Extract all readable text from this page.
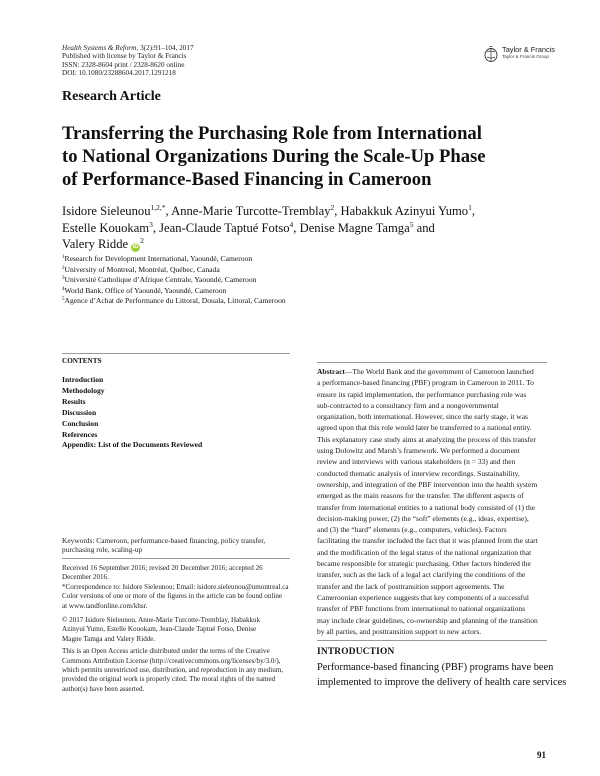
Health Systems & Reform, 3(2):91–104, 2017
Published with license by Taylor & Francis
ISSN: 2328-8604 print / 2328-8620 online
DOI: 10.1080/23288604.2017.1291218
Taylor & Francis
Taylor & Francis Group
Research Article
Transferring the Purchasing Role from International
to National Organizations During the Scale-Up Phase
of Performance-Based Financing in Cameroon
Isidore Sieleunou$^{1,2,*}$, Anne-Marie Turcotte-Tremblay$^2$, Habakkuk Azinyui Yumo$^1$,
Estelle Kouokam$^3$, Jean-Claude Taptué Fotso$^4$, Denise Magne Tamga$^5$ and
Valery Ridde $iD^2$
$^1$Research for Development International, Yaoundé, Cameroon
$^2$University of Montreal, Montréal, Québec, Canada
$^3$Université Catholique d’Afrique Centrale, Yaoundé, Cameroon
$^4$World Bank, Office of Yaoundé, Yaoundé, Cameroon
$^5$Agence d’Achat de Performance du Littoral, Douala, Littoral, Cameroon
CONTENTS
Introduction
Methodology
Results
Discussion
Conclusion
References
Appendix: List of the Documents Reviewed
Abstract—The World Bank and the government of Cameroon launched
a performance-based financing (PBF) program in Cameroon in 2011. To
ensure its rapid implementation, the performance purchasing role was
sub-contracted to a consultancy firm and a nongovernmental
organization, both international. However, since the early stage, it was
agreed upon that this role would later be transferred to a national entity.
This explanatory case study aims at analyzing the process of this transfer
using Dolowitz and Marsh’s framework. We performed a document
review and interviews with various stakeholders (n = 33) and then
conducted thematic analysis of interview recordings. Sustainability,
ownership, and integration of the PBF intervention into the health system
emerged as the main reasons for the transfer. The different aspects of
transfer from international entities to a national body consisted of (1) the
decision-making power, (2) the “soft” elements (e.g., ideas, expertise),
and (3) the “hard” elements (e.g., computers, vehicles). Factors
facilitating the transfer included the fact that it was planned from the start
and the modification of the legal status of the national organization that
became responsible for strategic purchasing. Other factors hindered the
transfer, such as the lack of a legal act clarifying the conditions of the
transfer and the lack of posttransition support agreements. The
Cameroonian experience suggests that key components of a successful
transfer of PBF functions from international to national organizations
may include clear guidelines, co-ownership and planning of the transition
by all parties, and posttransition support to new actors.
Keywords: Cameroon, performance-based financing, policy transfer, purchasing role, scaling-up
Received 16 September 2016; revised 20 December 2016; accepted 26
December 2016.
*Correspondence to: Isidore Sieleunou; Email: isidore.sieleunou@umontreal.ca
Color versions of one or more of the figures in the article can be found online
at www.tandfonline.com/khsr.
© 2017 Isidore Sieleunou, Anne-Marie Turcotte-Tremblay, Habakkuk
Azinyui Yumo, Estelle Kouokam, Jean-Claude Taptué Fotso, Denise
Magne Tamga and Valery Ridde.
This is an Open Access article distributed under the terms of the Creative
Commons Attribution License (http://creativecommons.org/licenses/by/3.0/),
which permits unrestricted use, distribution, and reproduction in any medium,
provided the original work is properly cited. The moral rights of the named
author(s) have been asserted.
INTRODUCTION
Performance-based financing (PBF) programs have been
implemented to improve the delivery of health care services
91
